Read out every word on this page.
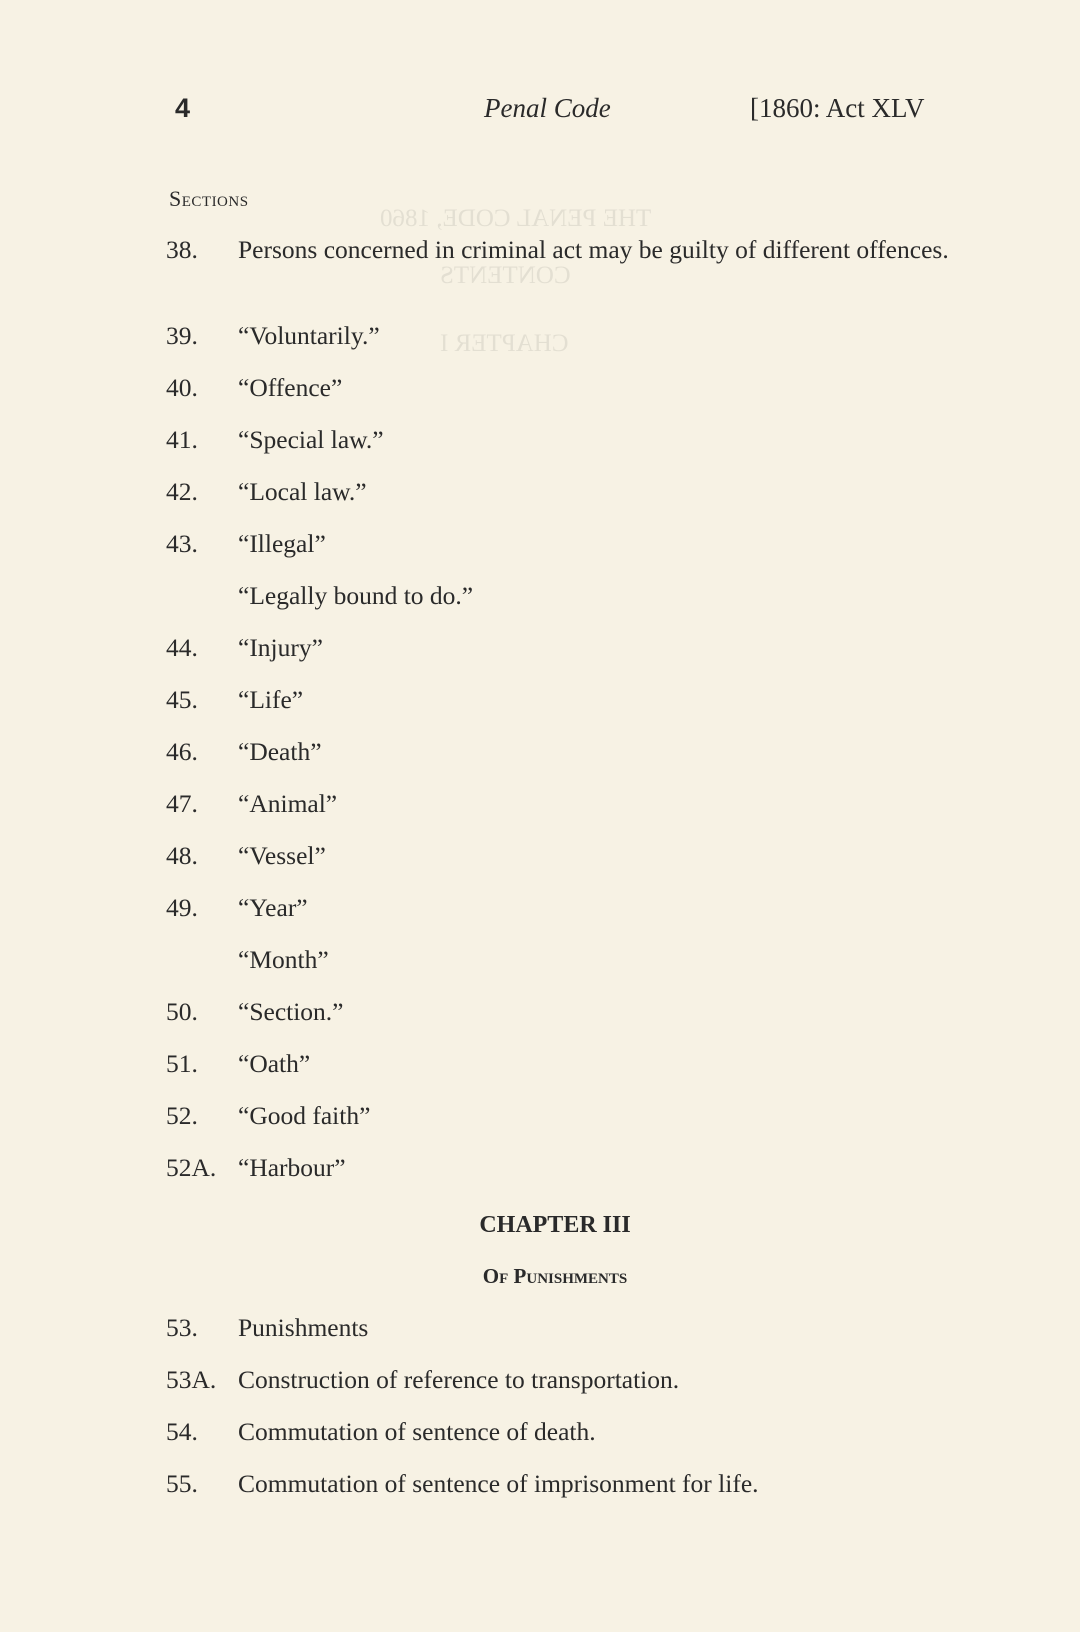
THE PENAL CODE, 1860
CONTENTS
CHAPTER I
4	Penal Code	[1860: Act XLV
Sections
38.	Persons concerned in criminal act may be guilty of different offences.
39.	“Voluntarily.”
40.	“Offence”
41.	“Special law.”
42.	“Local law.”
43.	“Illegal”
“Legally bound to do.”
44.	“Injury”
45.	“Life”
46.	“Death”
47.	“Animal”
48.	“Vessel”
49.	“Year”
“Month”
50.	“Section.”
51.	“Oath”
52.	“Good faith”
52A. “Harbour”
CHAPTER III
Of Punishments
53.	Punishments
53A. Construction of reference to transportation.
54.	Commutation of sentence of death.
55.	Commutation of sentence of imprisonment for life.
